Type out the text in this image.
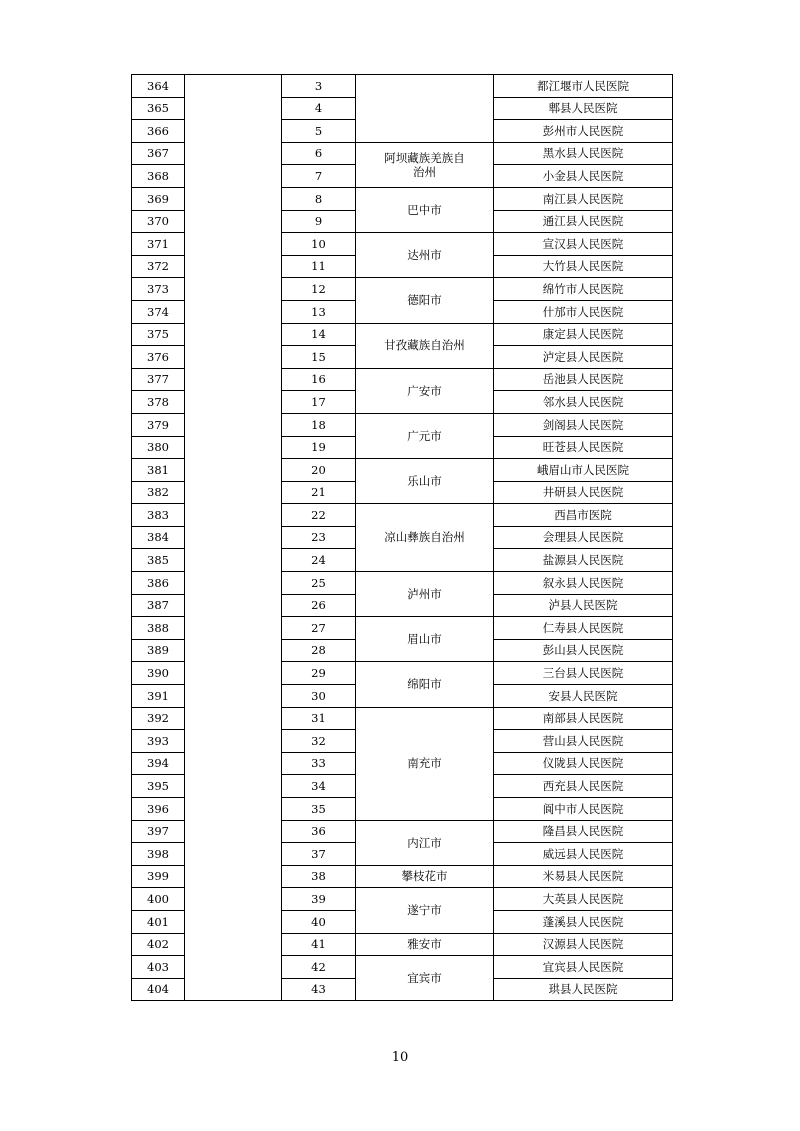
364		3		都江堰市人民医院
365		4		郫县人民医院
366		5		彭州市人民医院
367		6	阿坝藏族羌族自治州	黑水县人民医院
368		7		小金县人民医院
369		8	巴中市	南江县人民医院
370		9		通江县人民医院
371		10	达州市	宣汉县人民医院
372		11		大竹县人民医院
373		12	德阳市	绵竹市人民医院
374		13		什邡市人民医院
375		14	甘孜藏族自治州	康定县人民医院
376		15		泸定县人民医院
377		16	广安市	岳池县人民医院
378		17		邻水县人民医院
379		18	广元市	剑阁县人民医院
380		19		旺苍县人民医院
381		20	乐山市	峨眉山市人民医院
382		21		井研县人民医院
383		22	凉山彝族自治州	西昌市医院
384		23		会理县人民医院
385		24		盐源县人民医院
386		25	泸州市	叙永县人民医院
387		26		泸县人民医院
388		27	眉山市	仁寿县人民医院
389		28		彭山县人民医院
390		29	绵阳市	三台县人民医院
391		30		安县人民医院
392		31	南充市	南部县人民医院
393		32		营山县人民医院
394		33		仪陇县人民医院
395		34		西充县人民医院
396		35		阆中市人民医院
397		36	内江市	隆昌县人民医院
398		37		威远县人民医院
399		38	攀枝花市	米易县人民医院
400		39	遂宁市	大英县人民医院
401		40		蓬溪县人民医院
402		41	雅安市	汉源县人民医院
403		42	宜宾市	宜宾县人民医院
404		43		珙县人民医院
10
